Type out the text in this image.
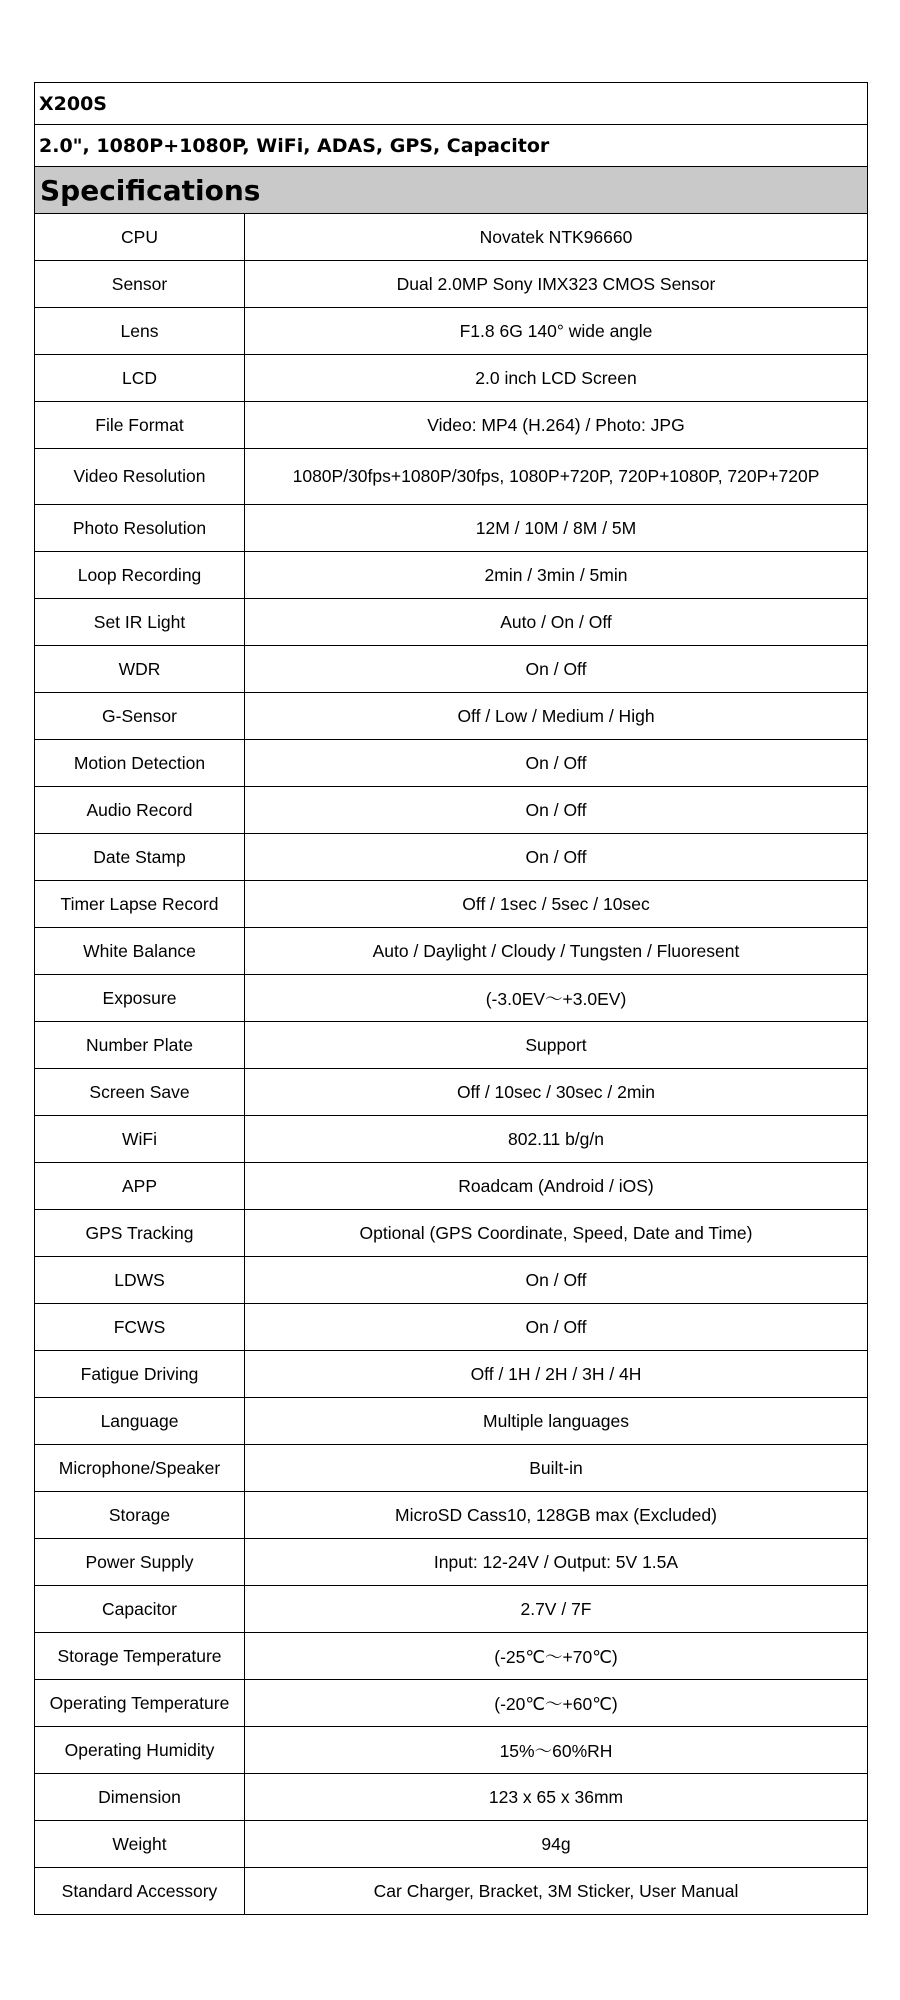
X200S
2.0", 1080P+1080P, WiFi, ADAS, GPS, Capacitor
Specifications
CPU	Novatek NTK96660
Sensor	Dual 2.0MP Sony IMX323 CMOS Sensor
Lens	F1.8 6G 140° wide angle
LCD	2.0 inch LCD Screen
File Format	Video: MP4 (H.264) / Photo: JPG
Video Resolution	1080P/30fps+1080P/30fps, 1080P+720P, 720P+1080P, 720P+720P
Photo Resolution	12M / 10M / 8M / 5M
Loop Recording	2min / 3min / 5min
Set IR Light	Auto / On / Off
WDR	On / Off
G-Sensor	Off / Low / Medium / High
Motion Detection	On / Off
Audio Record	On / Off
Date Stamp	On / Off
Timer Lapse Record	Off / 1sec / 5sec / 10sec
White Balance	Auto / Daylight / Cloudy / Tungsten / Fluoresent
Exposure	(-3.0EV～+3.0EV)
Number Plate	Support
Screen Save	Off / 10sec / 30sec / 2min
WiFi	802.11 b/g/n
APP	Roadcam (Android / iOS)
GPS Tracking	Optional (GPS Coordinate, Speed, Date and Time)
LDWS	On / Off
FCWS	On / Off
Fatigue Driving	Off / 1H / 2H / 3H / 4H
Language	Multiple languages
Microphone/Speaker	Built-in
Storage	MicroSD Cass10, 128GB max (Excluded)
Power Supply	Input: 12-24V / Output: 5V 1.5A
Capacitor	2.7V / 7F
Storage Temperature	(-25℃～+70℃)
Operating Temperature	(-20℃～+60℃)
Operating Humidity	15%～60%RH
Dimension	123 x 65 x 36mm
Weight	94g
Standard Accessory	Car Charger, Bracket, 3M Sticker, User Manual
